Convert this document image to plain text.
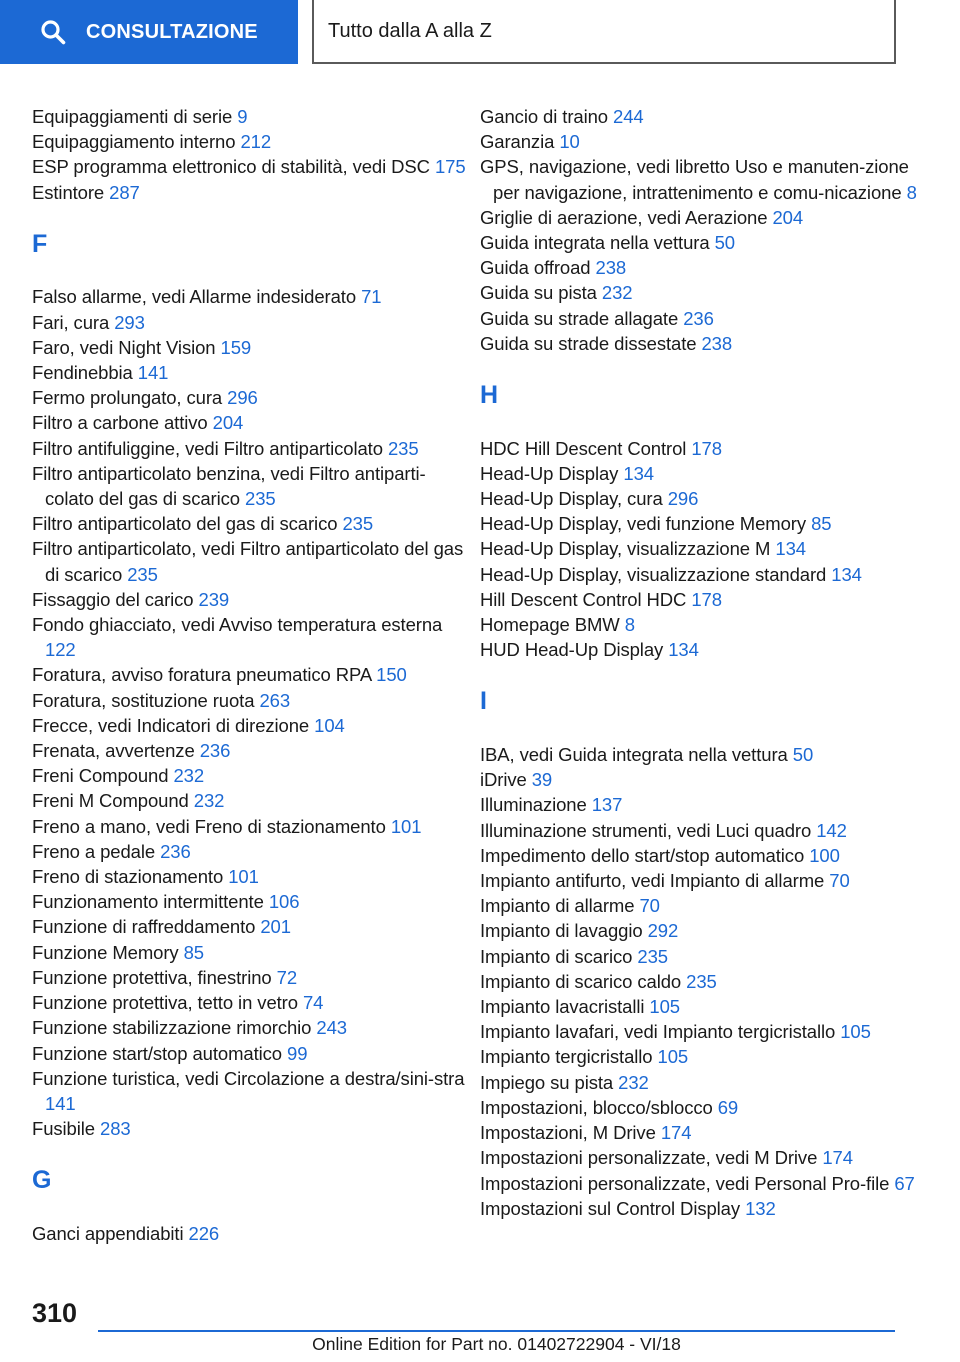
CONSULTAZIONE	Tutto dalla A alla Z
Equipaggiamenti di serie 9
Equipaggiamento interno 212
ESP programma elettronico di stabilità, vedi DSC 175
Estintore 287
F
Falso allarme, vedi Allarme indesiderato 71
Fari, cura 293
Faro, vedi Night Vision 159
Fendinebbia 141
Fermo prolungato, cura 296
Filtro a carbone attivo 204
Filtro antifuliggine, vedi Filtro antiparticolato 235
Filtro antiparticolato benzina, vedi Filtro antiparti‐colato del gas di scarico 235
Filtro antiparticolato del gas di scarico 235
Filtro antiparticolato, vedi Filtro antiparticolato del gas di scarico 235
Fissaggio del carico 239
Fondo ghiacciato, vedi Avviso temperatura esterna 122
Foratura, avviso foratura pneumatico RPA 150
Foratura, sostituzione ruota 263
Frecce, vedi Indicatori di direzione 104
Frenata, avvertenze 236
Freni Compound 232
Freni M Compound 232
Freno a mano, vedi Freno di stazionamento 101
Freno a pedale 236
Freno di stazionamento 101
Funzionamento intermittente 106
Funzione di raffreddamento 201
Funzione Memory 85
Funzione protettiva, finestrino 72
Funzione protettiva, tetto in vetro 74
Funzione stabilizzazione rimorchio 243
Funzione start/stop automatico 99
Funzione turistica, vedi Circolazione a destra/sini‐stra 141
Fusibile 283
G
Ganci appendiabiti 226
Gancio di traino 244
Garanzia 10
GPS, navigazione, vedi libretto Uso e manuten‐zione per navigazione, intrattenimento e comu‐nicazione 8
Griglie di aerazione, vedi Aerazione 204
Guida integrata nella vettura 50
Guida offroad 238
Guida su pista 232
Guida su strade allagate 236
Guida su strade dissestate 238
H
HDC Hill Descent Control 178
Head-Up Display 134
Head-Up Display, cura 296
Head-Up Display, vedi funzione Memory 85
Head-Up Display, visualizzazione M 134
Head-Up Display, visualizzazione standard 134
Hill Descent Control HDC 178
Homepage BMW 8
HUD Head-Up Display 134
I
IBA, vedi Guida integrata nella vettura 50
iDrive 39
Illuminazione 137
Illuminazione strumenti, vedi Luci quadro 142
Impedimento dello start/stop automatico 100
Impianto antifurto, vedi Impianto di allarme 70
Impianto di allarme 70
Impianto di lavaggio 292
Impianto di scarico 235
Impianto di scarico caldo 235
Impianto lavacristalli 105
Impianto lavafari, vedi Impianto tergicristallo 105
Impianto tergicristallo 105
Impiego su pista 232
Impostazioni, blocco/sblocco 69
Impostazioni, M Drive 174
Impostazioni personalizzate, vedi M Drive 174
Impostazioni personalizzate, vedi Personal Pro‐file 67
Impostazioni sul Control Display 132
310
Online Edition for Part no. 01402722904 - VI/18
